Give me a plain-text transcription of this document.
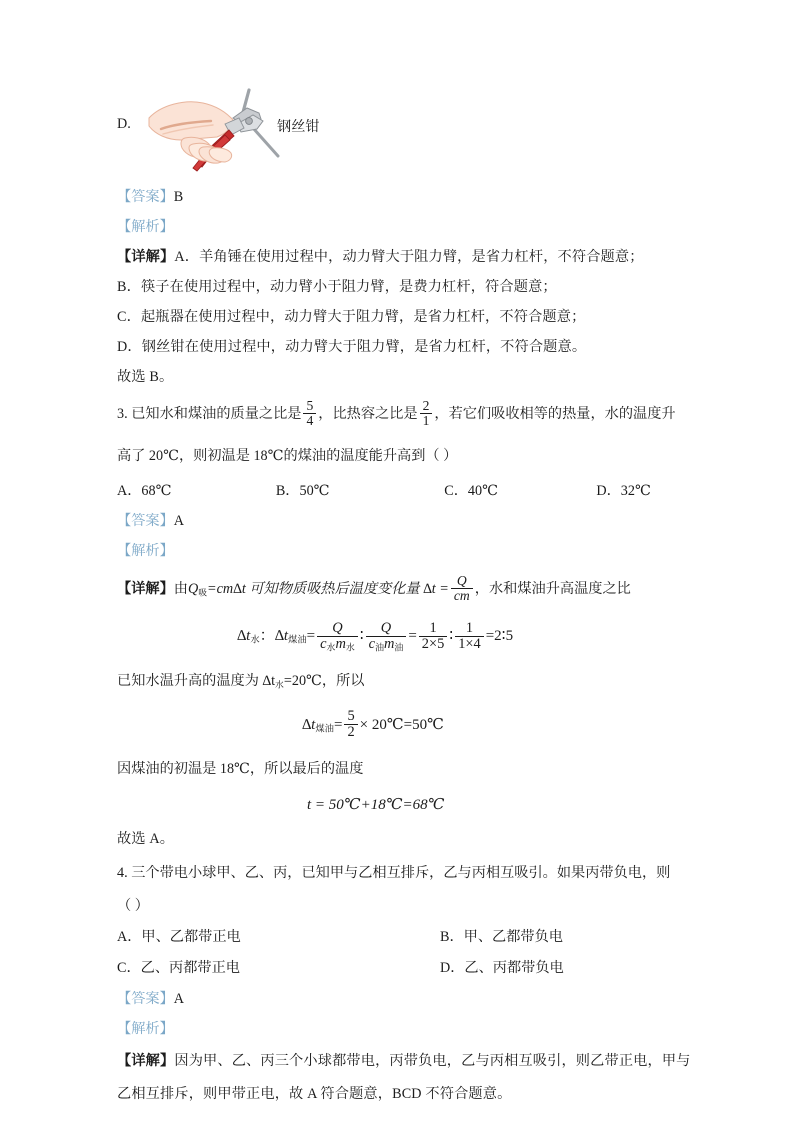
D.	钢丝钳
【答案】B
【解析】
【详解】A．羊角锤在使用过程中，动力臂大于阻力臂，是省力杠杆，不符合题意；
B．筷子在使用过程中，动力臂小于阻力臂，是费力杠杆，符合题意；
C．起瓶器在使用过程中，动力臂大于阻力臂，是省力杠杆，不符合题意；
D．钢丝钳在使用过程中，动力臂大于阻力臂，是省力杠杆，不符合题意。
故选 B。
3. 已知水和煤油的质量之比是 $\frac{5}{4}$ ，比热容之比是 $\frac{2}{1}$ ，若它们吸收相等的热量，水的温度升
高了 20℃，则初温是 18℃的煤油的温度能升高到（ ）
A．68℃	B．50℃	C．40℃	D．32℃
【答案】A
【解析】
【详解】由$Q_吸=cm\Delta t$ 可知物质吸热后温度变化量 $\Delta t = \frac{Q}{cm}$ ，水和煤油升高温度之比
$\Delta t_水$：$\Delta t_{煤油}= \frac{Q}{c_水m_水}$ ∶ $\frac{Q}{c_油m_油} = \frac{1}{2\times 5}$ ∶ $\frac{1}{1\times 4}$ =2∶5
已知水温升高的温度为 $\Delta t_水=20℃$，所以
$\Delta t_{煤油}= \frac{5}{2}$ × 20℃=50℃
因煤油的初温是 18℃，所以最后的温度
t = 50℃+18℃=68℃
故选 A。
4. 三个带电小球甲、乙、丙，已知甲与乙相互排斥，乙与丙相互吸引。如果丙带负电，则
（ ）
A．甲、乙都带正电	B．甲、乙都带负电
C．乙、丙都带正电	D．乙、丙都带负电
【答案】A
【解析】
【详解】因为甲、乙、丙三个小球都带电，丙带负电，乙与丙相互吸引，则乙带正电，甲与
乙相互排斥，则甲带正电，故 A 符合题意，BCD 不符合题意。
